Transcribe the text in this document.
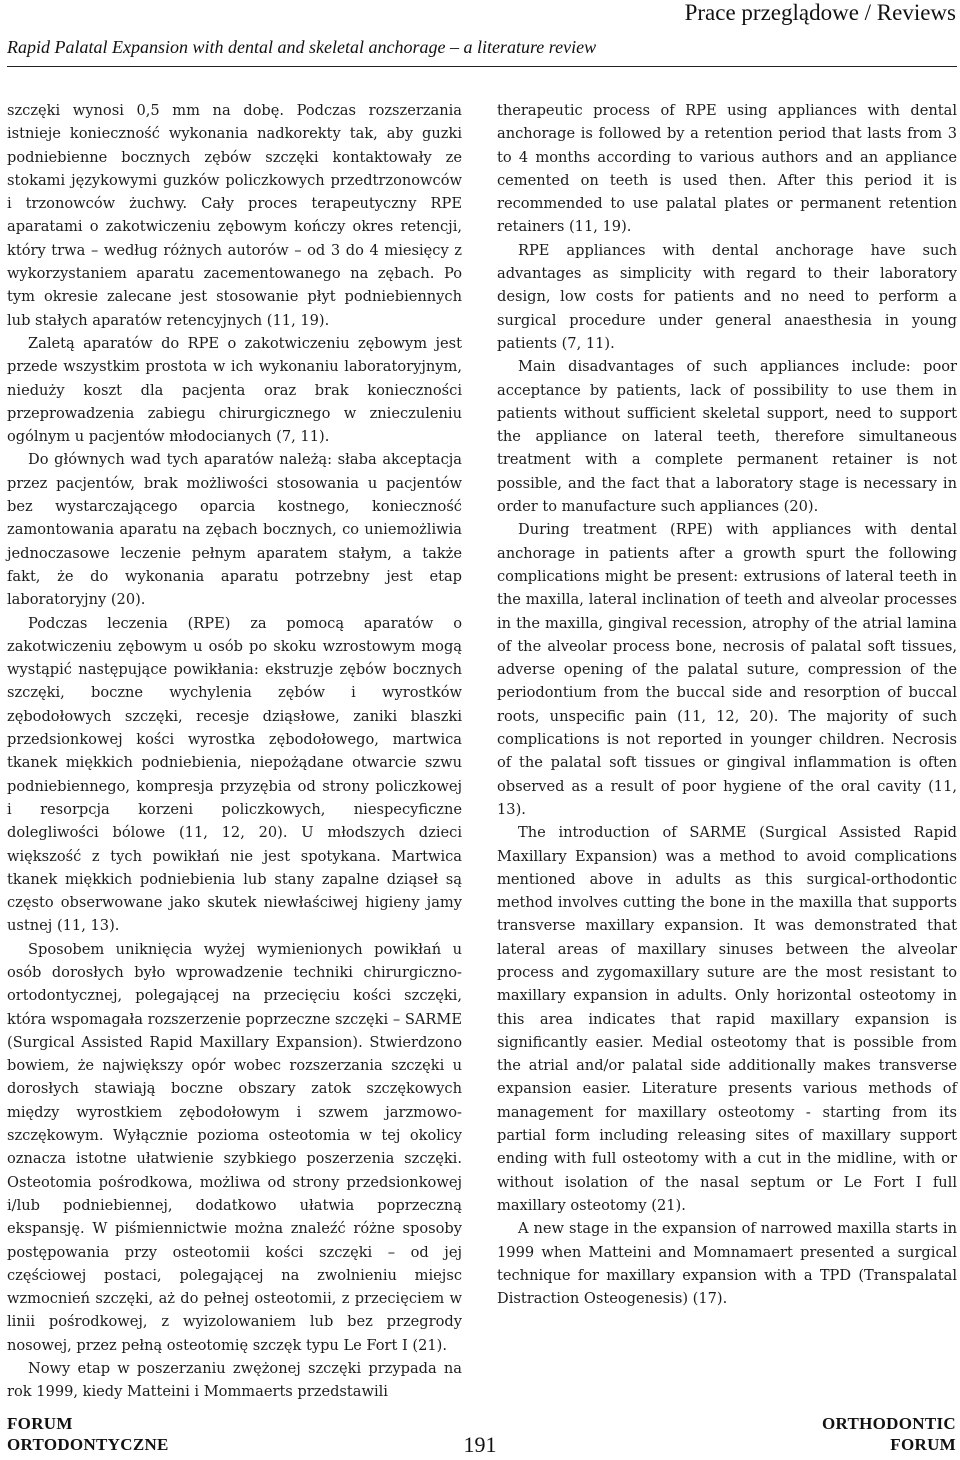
Prace przeglądowe / Reviews
Rapid Palatal Expansion with dental and skeletal anchorage – a literature review

szczęki wynosi 0,5 mm na dobę. Podczas rozszerzania istnieje konieczność wykonania nadkorekty tak, aby guzki podniebienne bocznych zębów szczęki kontaktowały ze stokami językowymi guzków policzkowych przedtrzonowców i trzonowców żuchwy. Cały proces terapeutyczny RPE aparatami o zakotwiczeniu zębowym kończy okres retencji, który trwa – według różnych autorów – od 3 do 4 miesięcy z wykorzystaniem aparatu zacementowanego na zębach. Po tym okresie zalecane jest stosowanie płyt podniebiennych lub stałych aparatów retencyjnych (11, 19).

Zaletą aparatów do RPE o zakotwiczeniu zębowym jest przede wszystkim prostota w ich wykonaniu laboratoryjnym, niedużу koszt dla pacjenta oraz brak konieczności przeprowadzenia zabiegu chirurgicznego w znieczuleniu ogólnym u pacjentów młodocianych (7, 11).

Do głównych wad tych aparatów należą: słaba akceptacja przez pacjentów, brak możliwości stosowania u pacjentów bez wystarczającego oparcia kostnego, konieczność zamontowania aparatu na zębach bocznych, co uniemożliwia jednoczasowe leczenie pełnym aparatem stałym, a także fakt, że do wykonania aparatu potrzebny jest etap laboratoryjny (20).

Podczas leczenia (RPE) za pomocą aparatów o zakotwiczeniu zębowym u osób po skoku wzrostowym mogą wystąpić następujące powikłania: ekstruzje zębów bocznych szczęki, boczne wychylenia zębów i wyrostków zębodołowych szczęki, recesje dziąsłowe, zaniki blaszki przedsionkowej kości wyrostka zębodołowego, martwica tkanek miękkich podniebienia, niepożądane otwarcie szwu podniebiennego, kompresja przyzębia od strony policzkowej i resorpcja korzeni policzkowych, niespecyficzne dolegliwości bólowe (11, 12, 20). U młodszych dzieci większość z tych powikłań nie jest spotykana. Martwica tkanek miękkich podniebienia lub stany zapalne dziąseł są często obserwowane jako skutek niewłaściwej higieny jamy ustnej (11, 13).

Sposobem uniknięcia wyżej wymienionych powikłań u osób dorosłych było wprowadzenie techniki chirurgiczno-ortodontycznej, polegającej na przecięciu kości szczęki, która wspomagała rozszerzenie poprzeczne szczęki – SARME (Surgical Assisted Rapid Maxillary Expansion). Stwierdzono bowiem, że największy opór wobec rozszerzania szczęki u dorosłych stawiają boczne obszary zatok szczękowych między wyrostkiem zębodołowym i szwem jarzmowo-szczękowym. Wyłącznie pozioma osteotomia w tej okolicy oznacza istotne ułatwienie szybkiego poszerzenia szczęki. Osteotomia pośrodkowa, możliwa od strony przedsionkowej i/lub podniebiennej, dodatkowo ułatwia poprzeczną ekspansję. W piśmiennictwie można znaleźć różne sposoby postępowania przy osteotomii kości szczęki – od jej częściowej postaci, polegającej na zwolnieniu miejsc wzmocnień szczęki, aż do pełnej osteotomii, z przecięciem w linii pośrodkowej, z wyizolowaniem lub bez przegrody nosowej, przez pełną osteotomię szczęk typu Le Fort I (21).

Nowy etap w poszerzaniu zwężonej szczęki przypada na rok 1999, kiedy Matteini i Mommaerts przedstawili

therapeutic process of RPE using appliances with dental anchorage is followed by a retention period that lasts from 3 to 4 months according to various authors and an appliance cemented on teeth is used then. After this period it is recommended to use palatal plates or permanent retention retainers (11, 19).

RPE appliances with dental anchorage have such advantages as simplicity with regard to their laboratory design, low costs for patients and no need to perform a surgical procedure under general anaesthesia in young patients (7, 11).

Main disadvantages of such appliances include: poor acceptance by patients, lack of possibility to use them in patients without sufficient skeletal support, need to support the appliance on lateral teeth, therefore simultaneous treatment with a complete permanent retainer is not possible, and the fact that a laboratory stage is necessary in order to manufacture such appliances (20).

During treatment (RPE) with appliances with dental anchorage in patients after a growth spurt the following complications might be present: extrusions of lateral teeth in the maxilla, lateral inclination of teeth and alveolar processes in the maxilla, gingival recession, atrophy of the atrial lamina of the alveolar process bone, necrosis of palatal soft tissues, adverse opening of the palatal suture, compression of the periodontium from the buccal side and resorption of buccal roots, unspecific pain (11, 12, 20). The majority of such complications is not reported in younger children. Necrosis of the palatal soft tissues or gingival inflammation is often observed as a result of poor hygiene of the oral cavity (11, 13).

The introduction of SARME (Surgical Assisted Rapid Maxillary Expansion) was a method to avoid complications mentioned above in adults as this surgical-orthodontic method involves cutting the bone in the maxilla that supports transverse maxillary expansion. It was demonstrated that lateral areas of maxillary sinuses between the alveolar process and zygomaxillary suture are the most resistant to maxillary expansion in adults. Only horizontal osteotomy in this area indicates that rapid maxillary expansion is significantly easier. Medial osteotomy that is possible from the atrial and/or palatal side additionally makes transverse expansion easier. Literature presents various methods of management for maxillary osteotomy - starting from its partial form including releasing sites of maxillary support ending with full osteotomy with a cut in the midline, with or without isolation of the nasal septum or Le Fort I full maxillary osteotomy (21).

A new stage in the expansion of narrowed maxilla starts in 1999 when Matteini and Momnamaert presented a surgical technique for maxillary expansion with a TPD (Transpalatal Distraction Osteogenesis) (17).

FORUM
ORTODONTYCZNE	191
ORTHODONTIC
FORUM
